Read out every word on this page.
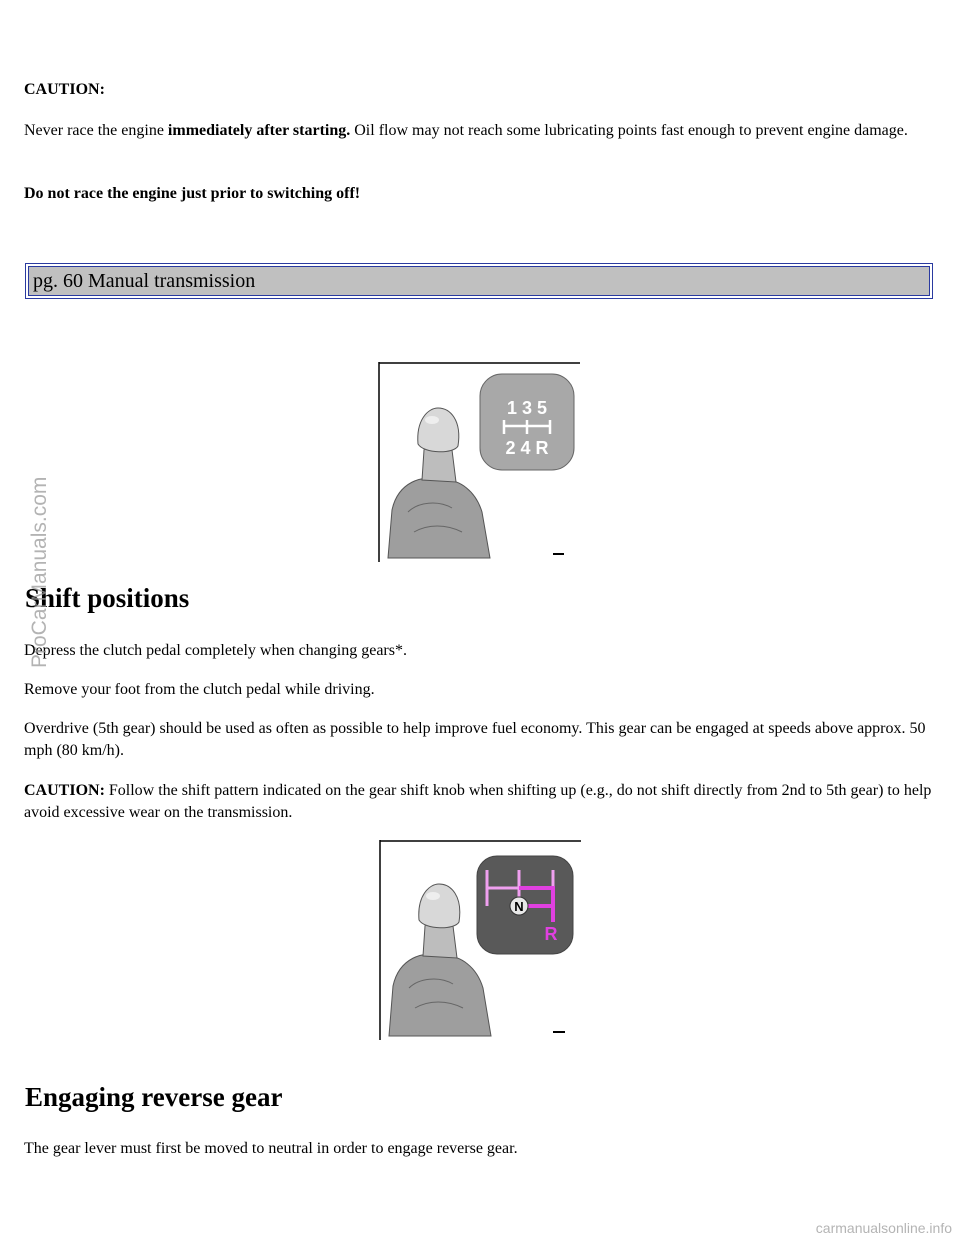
CAUTION:

Never race the engine immediately after starting. Oil flow may not reach some lubricating points fast enough to prevent engine damage.

Do not race the engine just prior to switching off!

pg. 60 Manual transmission
1 3 5
2 4 R
Shift positions

Depress the clutch pedal completely when changing gears*.

Remove your foot from the clutch pedal while driving.

Overdrive (5th gear) should be used as often as possible to help improve fuel economy. This gear can be engaged at speeds above approx. 50 mph (80 km/h).

CAUTION: Follow the shift pattern indicated on the gear shift knob when shifting up (e.g., do not shift directly from 2nd to 5th gear) to help avoid excessive wear on the transmission.

N
R
Engaging reverse gear

The gear lever must first be moved to neutral in order to engage reverse gear.

ProCarManuals.com
carmanualsonline.info
